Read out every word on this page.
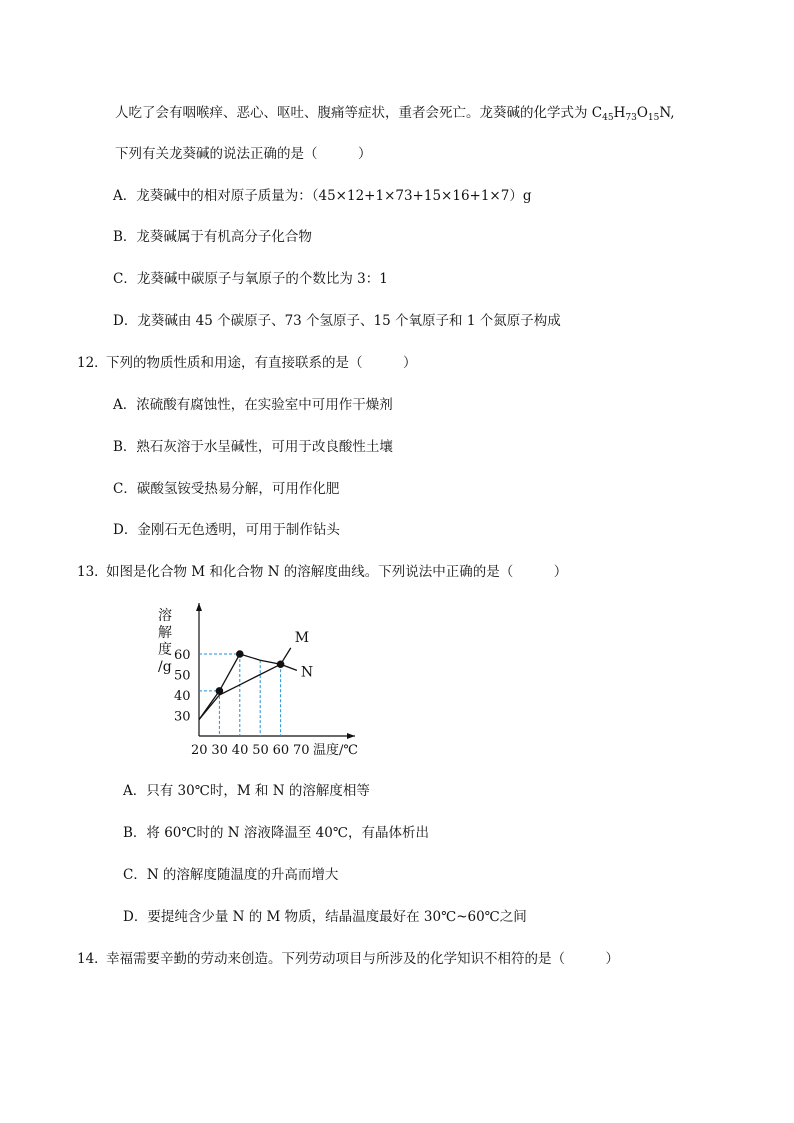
人吃了会有咽喉痒、恶心、呕吐、腹痛等症状，重者会死亡。龙葵碱的化学式为 $C_{45}H_{73}O_{15}N$,
下列有关龙葵碱的说法正确的是（　　　）
A．龙葵碱中的相对原子质量为：（45×12+1×73+15×16+1×7）g
B．龙葵碱属于有机高分子化合物
C．龙葵碱中碳原子与氧原子的个数比为 3：1
D．龙葵碱由 45 个碳原子、73 个氢原子、15 个氧原子和 1 个氮原子构成
12．
下列的物质性质和用途，有直接联系的是（　　　）
A．浓硫酸有腐蚀性，在实验室中可用作干燥剂
B．熟石灰溶于水呈碱性，可用于改良酸性土壤
C．碳酸氢铵受热易分解，可用作化肥
D．金刚石无色透明，可用于制作钻头
13．
如图是化合物 M 和化合物 N 的溶解度曲线。下列说法中正确的是（　　　）
溶
解
度
/g
30
40
50
60
20 30 40 50 60 70 温度/℃
M
N
A．只有 30℃时，M 和 N 的溶解度相等
B．将 60℃时的 N 溶液降温至 40℃，有晶体析出
C．N 的溶解度随温度的升高而增大
D．要提纯含少量 N 的 M 物质，结晶温度最好在 30℃~60℃之间
14．
幸福需要辛勤的劳动来创造。下列劳动项目与所涉及的化学知识不相符的是（　　　）
